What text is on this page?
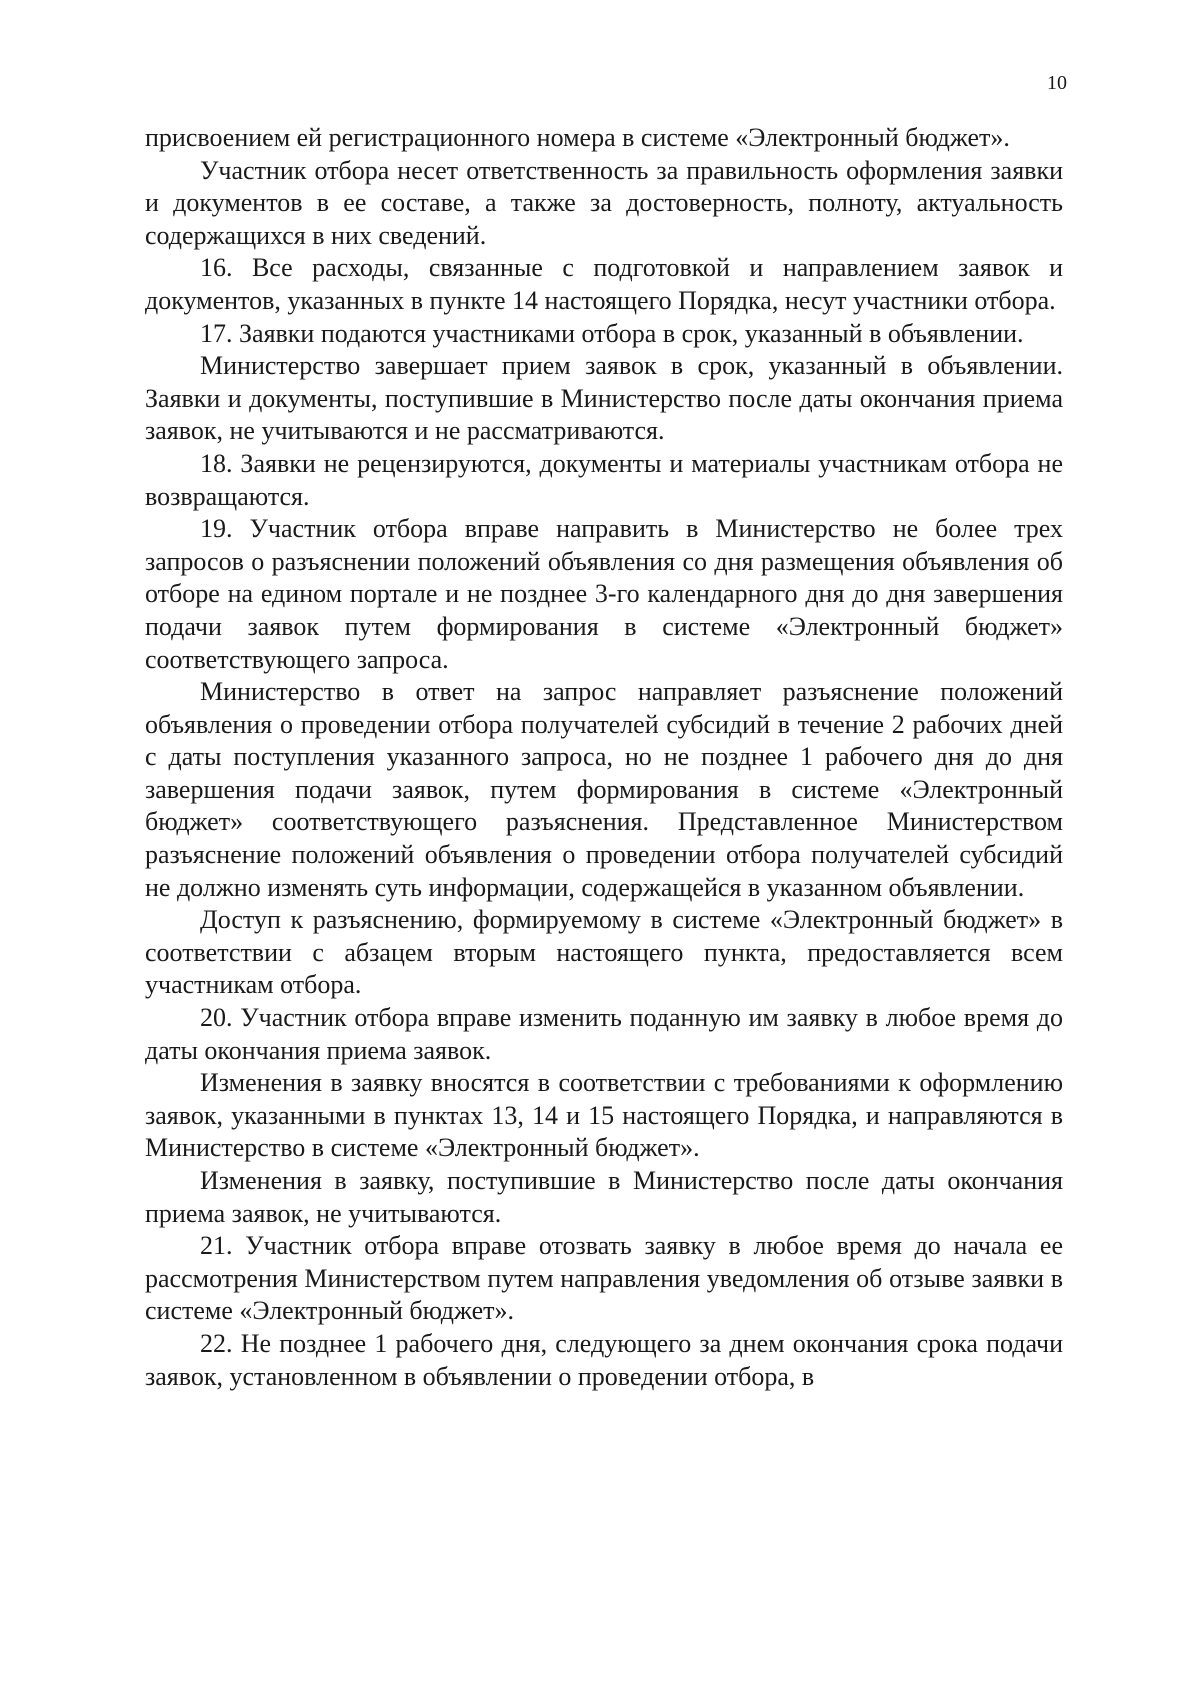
10

присвоением ей регистрационного номера в системе «Электронный бюджет».

Участник отбора несет ответственность за правильность оформления заявки и документов в ее составе, а также за достоверность, полноту, актуальность содержащихся в них сведений.

16. Все расходы, связанные с подготовкой и направлением заявок и документов, указанных в пункте 14 настоящего Порядка, несут участники отбора.

17. Заявки подаются участниками отбора в срок, указанный в объявлении.

Министерство завершает прием заявок в срок, указанный в объявлении. Заявки и документы, поступившие в Министерство после даты окончания приема заявок, не учитываются и не рассматриваются.

18. Заявки не рецензируются, документы и материалы участникам отбора не возвращаются.

19. Участник отбора вправе направить в Министерство не более трех запросов о разъяснении положений объявления со дня размещения объявления об отборе на едином портале и не позднее 3-го календарного дня до дня завершения подачи заявок путем формирования в системе «Электронный бюджет» соответствующего запроса.

Министерство в ответ на запрос направляет разъяснение положений объявления о проведении отбора получателей субсидий в течение 2 рабочих дней с даты поступления указанного запроса, но не позднее 1 рабочего дня до дня завершения подачи заявок, путем формирования в системе «Электронный бюджет» соответствующего разъяснения. Представленное Министерством разъяснение положений объявления о проведении отбора получателей субсидий не должно изменять суть информации, содержащейся в указанном объявлении.

Доступ к разъяснению, формируемому в системе «Электронный бюджет» в соответствии с абзацем вторым настоящего пункта, предоставляется всем участникам отбора.

20. Участник отбора вправе изменить поданную им заявку в любое время до даты окончания приема заявок.

Изменения в заявку вносятся в соответствии с требованиями к оформлению заявок, указанными в пунктах 13, 14 и 15 настоящего Порядка, и направляются в Министерство в системе «Электронный бюджет».

Изменения в заявку, поступившие в Министерство после даты окончания приема заявок, не учитываются.

21. Участник отбора вправе отозвать заявку в любое время до начала ее рассмотрения Министерством путем направления уведомления об отзыве заявки в системе «Электронный бюджет».

22. Не позднее 1 рабочего дня, следующего за днем окончания срока подачи заявок, установленном в объявлении о проведении отбора, в
